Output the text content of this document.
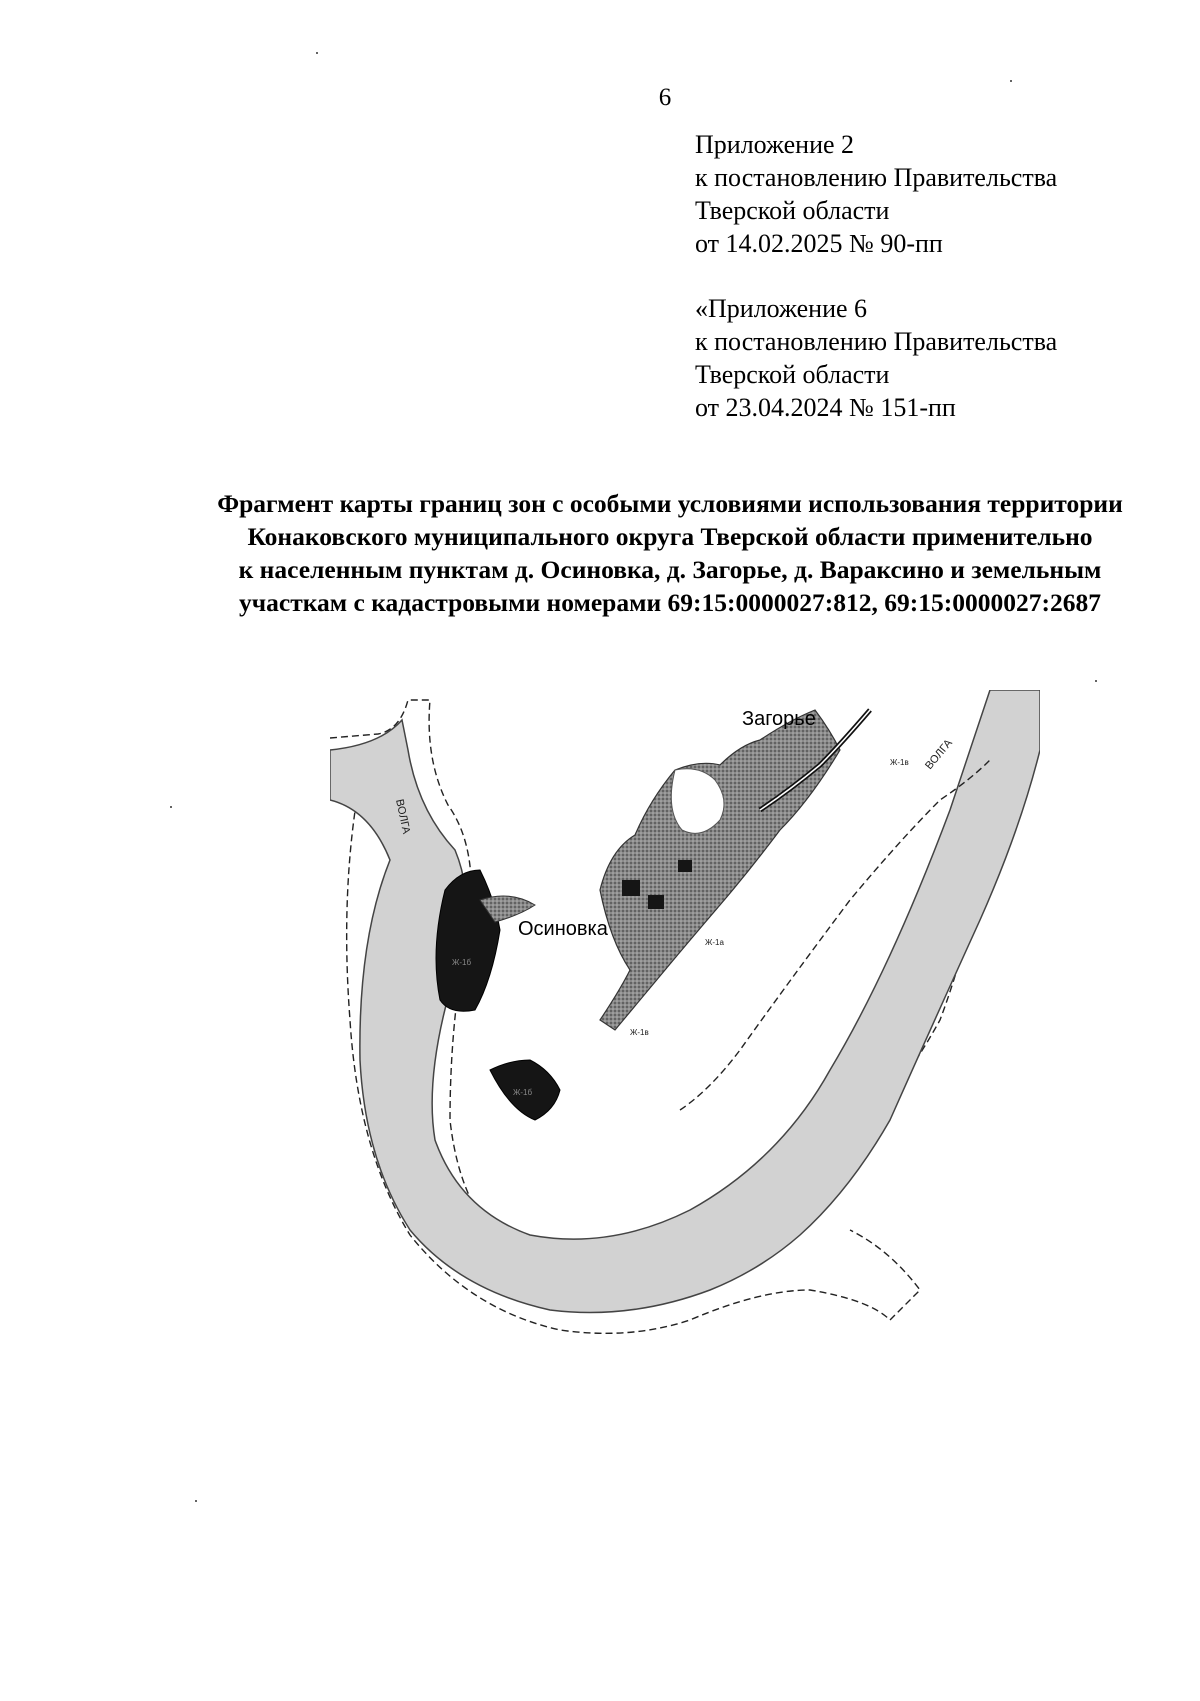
6
Приложение 2
к постановлению Правительства
Тверской области
от 14.02.2025 № 90-пп
«Приложение 6
к постановлению Правительства
Тверской области
от 23.04.2024 № 151-пп
Фрагмент карты границ зон с особыми условиями использования территории
Конаковского муниципального округа Тверской области применительно
к населенным пунктам д. Осиновка, д. Загорье, д. Вараксино и земельным
участкам с кадастровыми номерами 69:15:0000027:812, 69:15:0000027:2687
Загорье
Осиновка
ВОЛГА
ВОЛГА
Ж-1в
Ж-1а
Ж-1в
Ж-1б
Ж-1б
